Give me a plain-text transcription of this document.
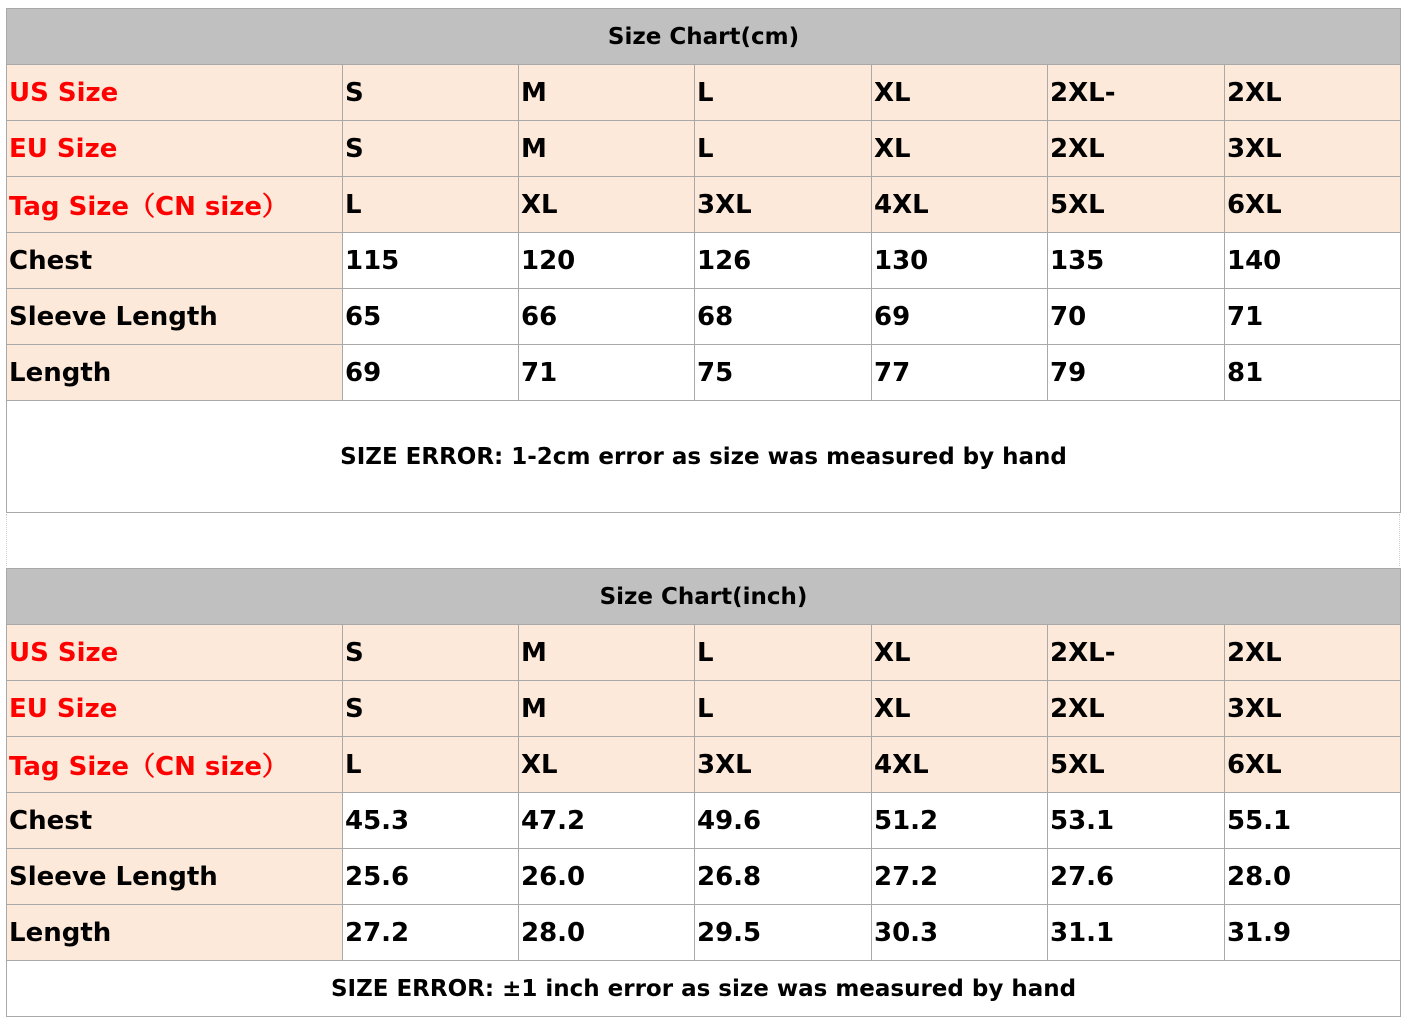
Size Chart(cm)						
US Size	S	M	L	XL	2XL-	2XL
EU Size	S	M	L	XL	2XL	3XL
Tag Size（CN size）	L	XL	3XL	4XL	5XL	6XL
Chest	115	120	126	130	135	140
Sleeve Length	65	66	68	69	70	71
Length	69	71	75	77	79	81
SIZE ERROR: 1-2cm error as size was measured by hand						
Size Chart(inch)						
US Size	S	M	L	XL	2XL-	2XL
EU Size	S	M	L	XL	2XL	3XL
Tag Size（CN size）	L	XL	3XL	4XL	5XL	6XL
Chest	45.3	47.2	49.6	51.2	53.1	55.1
Sleeve Length	25.6	26.0	26.8	27.2	27.6	28.0
Length	27.2	28.0	29.5	30.3	31.1	31.9
SIZE ERROR: ±1 inch error as size was measured by hand						
